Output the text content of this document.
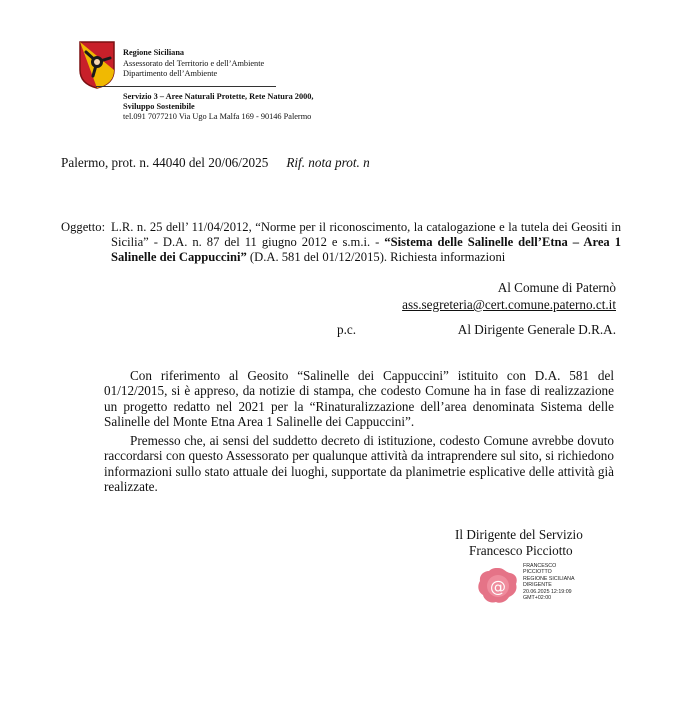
Regione Siciliana
Assessorato del Territorio e dell’Ambiente
Dipartimento dell’Ambiente
Servizio 3 – Aree Naturali Protette, Rete Natura 2000,
Sviluppo Sostenibile
tel.091 7077210 Via Ugo La Malfa 169 - 90146 Palermo
Palermo, prot. n. 44040 del 20/06/2025 Rif. nota prot. n
Oggetto: L.R. n. 25 dell’ 11/04/2012, “Norme per il riconoscimento, la catalogazione e la tutela dei Geositi in Sicilia” - D.A. n. 87 del 11 giugno 2012 e s.m.i. - “Sistema delle Salinelle dell’Etna – Area 1 Salinelle dei Cappuccini” (D.A. 581 del 01/12/2015). Richiesta informazioni
Al Comune di Paternò
ass.segreteria@cert.comune.paterno.ct.it
p.c.	Al Dirigente Generale D.R.A.
Con riferimento al Geosito “Salinelle dei Cappuccini” istituito con D.A. 581 del 01/12/2015, si è appreso, da notizie di stampa, che codesto Comune ha in fase di realizzazione un progetto redatto nel 2021 per la “Rinaturalizzazione dell’area denominata Sistema delle Salinelle del Monte Etna Area 1 Salinelle dei Cappuccini”.
Premesso che, ai sensi del suddetto decreto di istituzione, codesto Comune avrebbe dovuto raccordarsi con questo Assessorato per qualunque attività da intraprendere sul sito, si richiedono informazioni sullo stato attuale dei luoghi, supportate da planimetrie esplicative delle attività già realizzate.
Il Dirigente del Servizio
Francesco Picciotto
@
FRANCESCO
PICCIOTTO
REGIONE SICILIANA
DIRIGENTE
20.06.2025 12:19:09
GMT+02:00
